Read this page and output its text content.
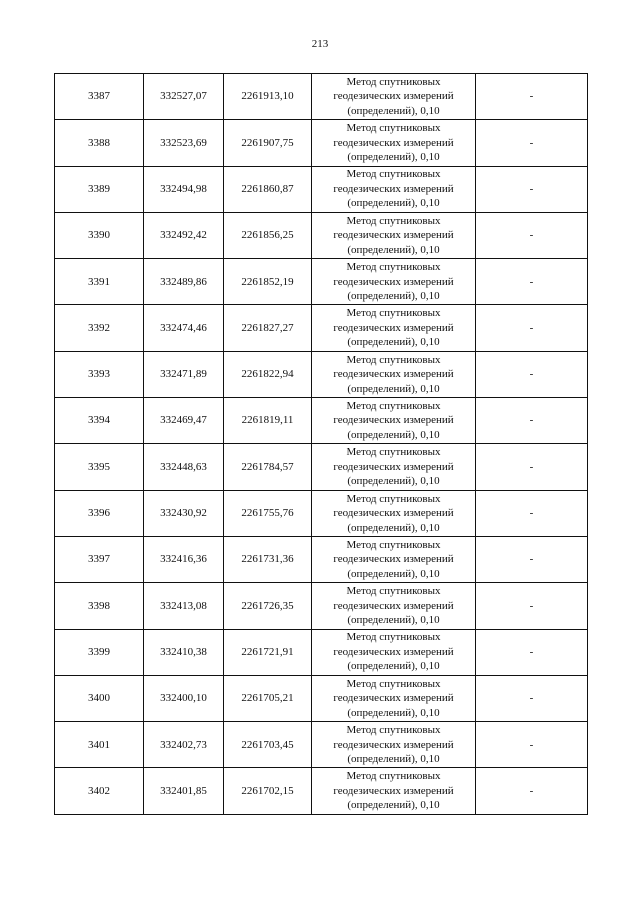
213
3387	332527,07	2261913,10	Метод спутниковых
геодезических измерений
(определений), 0,10	-
3388	332523,69	2261907,75	Метод спутниковых
геодезических измерений
(определений), 0,10	-
3389	332494,98	2261860,87	Метод спутниковых
геодезических измерений
(определений), 0,10	-
3390	332492,42	2261856,25	Метод спутниковых
геодезических измерений
(определений), 0,10	-
3391	332489,86	2261852,19	Метод спутниковых
геодезических измерений
(определений), 0,10	-
3392	332474,46	2261827,27	Метод спутниковых
геодезических измерений
(определений), 0,10	-
3393	332471,89	2261822,94	Метод спутниковых
геодезических измерений
(определений), 0,10	-
3394	332469,47	2261819,11	Метод спутниковых
геодезических измерений
(определений), 0,10	-
3395	332448,63	2261784,57	Метод спутниковых
геодезических измерений
(определений), 0,10	-
3396	332430,92	2261755,76	Метод спутниковых
геодезических измерений
(определений), 0,10	-
3397	332416,36	2261731,36	Метод спутниковых
геодезических измерений
(определений), 0,10	-
3398	332413,08	2261726,35	Метод спутниковых
геодезических измерений
(определений), 0,10	-
3399	332410,38	2261721,91	Метод спутниковых
геодезических измерений
(определений), 0,10	-
3400	332400,10	2261705,21	Метод спутниковых
геодезических измерений
(определений), 0,10	-
3401	332402,73	2261703,45	Метод спутниковых
геодезических измерений
(определений), 0,10	-
3402	332401,85	2261702,15	Метод спутниковых
геодезических измерений
(определений), 0,10	-
